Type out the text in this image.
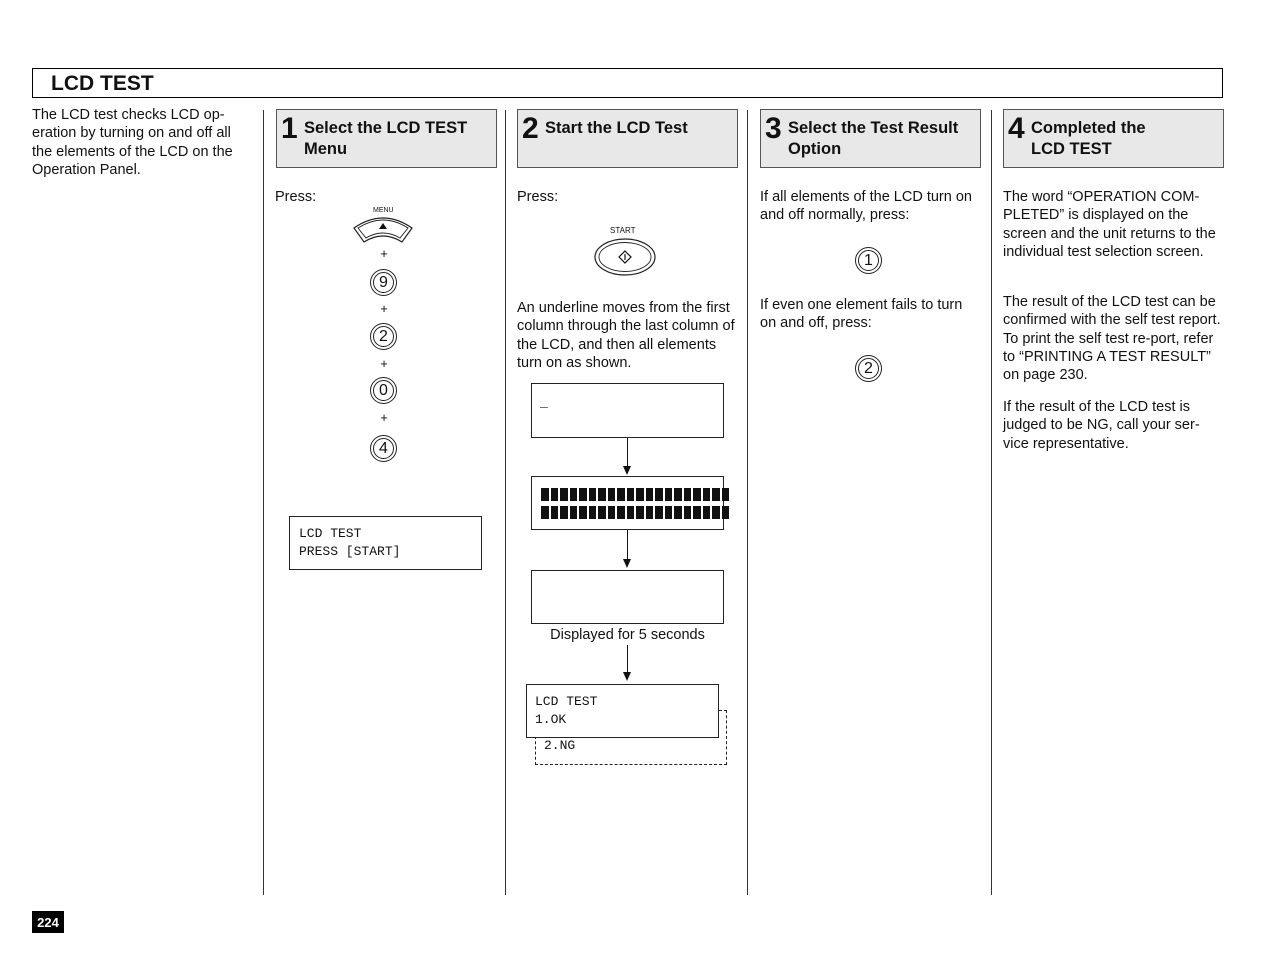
LCD TEST
The LCD test checks LCD op-eration by turning on and off all the elements of the LCD on the Operation Panel.
1 Select the LCD TEST Menu
2 Start the LCD Test	3 Select the Test Result Option
4 Completed the LCD TEST
Press:
MENU
+
9
+
2
+
0
+
4
LCD TEST
PRESS [START]
Press:
START
An underline moves from the first column through the last column of the LCD, and then all elements turn on as shown.
_
Displayed for 5 seconds
2.NG
LCD TEST
1.OK
If all elements of the LCD turn on and off normally, press:
1
If even one element fails to turn on and off, press:
2
The word “OPERATION COM-PLETED” is displayed on the screen and the unit returns to the individual test selection screen.
The result of the LCD test can be confirmed with the self test report. To print the self test re-port, refer to “PRINTING A TEST RESULT” on page 230.
If the result of the LCD test is judged to be NG, call your ser-vice representative.
224
